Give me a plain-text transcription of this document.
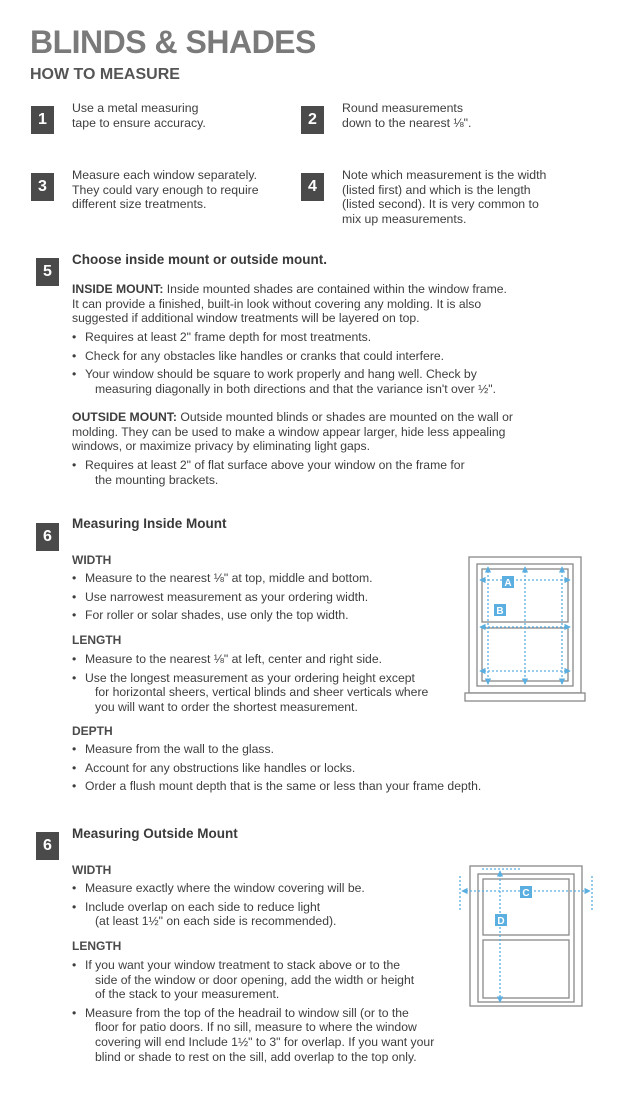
BLINDS & SHADES
HOW TO MEASURE
1
Use a metal measuring
tape to ensure accuracy.	2
Round measurements
down to the nearest ⅛".
3
Measure each window separately.
They could vary enough to require
different size treatments.
4
Note which measurement is the width
(listed first) and which is the length
(listed second). It is very common to
mix up measurements.
5
Choose inside mount or outside mount.
INSIDE MOUNT: Inside mounted shades are contained within the window frame.
It can provide a finished, built-in look without covering any molding. It is also
suggested if additional window treatments will be layered on top.
• Requires at least 2" frame depth for most treatments.
• Check for any obstacles like handles or cranks that could interfere.
• Your window should be square to work properly and hang well. Check by
measuring diagonally in both directions and that the variance isn't over ½".
OUTSIDE MOUNT: Outside mounted blinds or shades are mounted on the wall or
molding. They can be used to make a window appear larger, hide less appealing
windows, or maximize privacy by eliminating light gaps.
• Requires at least 2" of flat surface above your window on the frame for
the mounting brackets.
6
Measuring Inside Mount
WIDTH
• Measure to the nearest ⅛" at top, middle and bottom.
• Use narrowest measurement as your ordering width.
• For roller or solar shades, use only the top width.
LENGTH
• Measure to the nearest ⅛" at left, center and right side.
• Use the longest measurement as your ordering height except
for horizontal sheers, vertical blinds and sheer verticals where
you will want to order the shortest measurement.
DEPTH
• Measure from the wall to the glass.
• Account for any obstructions like handles or locks.
• Order a flush mount depth that is the same or less than your frame depth.
A
B
6
Measuring Outside Mount
WIDTH
• Measure exactly where the window covering will be.
• Include overlap on each side to reduce light
(at least 1½" on each side is recommended).
LENGTH
• If you want your window treatment to stack above or to the
side of the window or door opening, add the width or height
of the stack to your measurement.
• Measure from the top of the headrail to window sill (or to the
floor for patio doors. If no sill, measure to where the window
covering will end Include 1½" to 3" for overlap. If you want your
blind or shade to rest on the sill, add overlap to the top only.
C
D
